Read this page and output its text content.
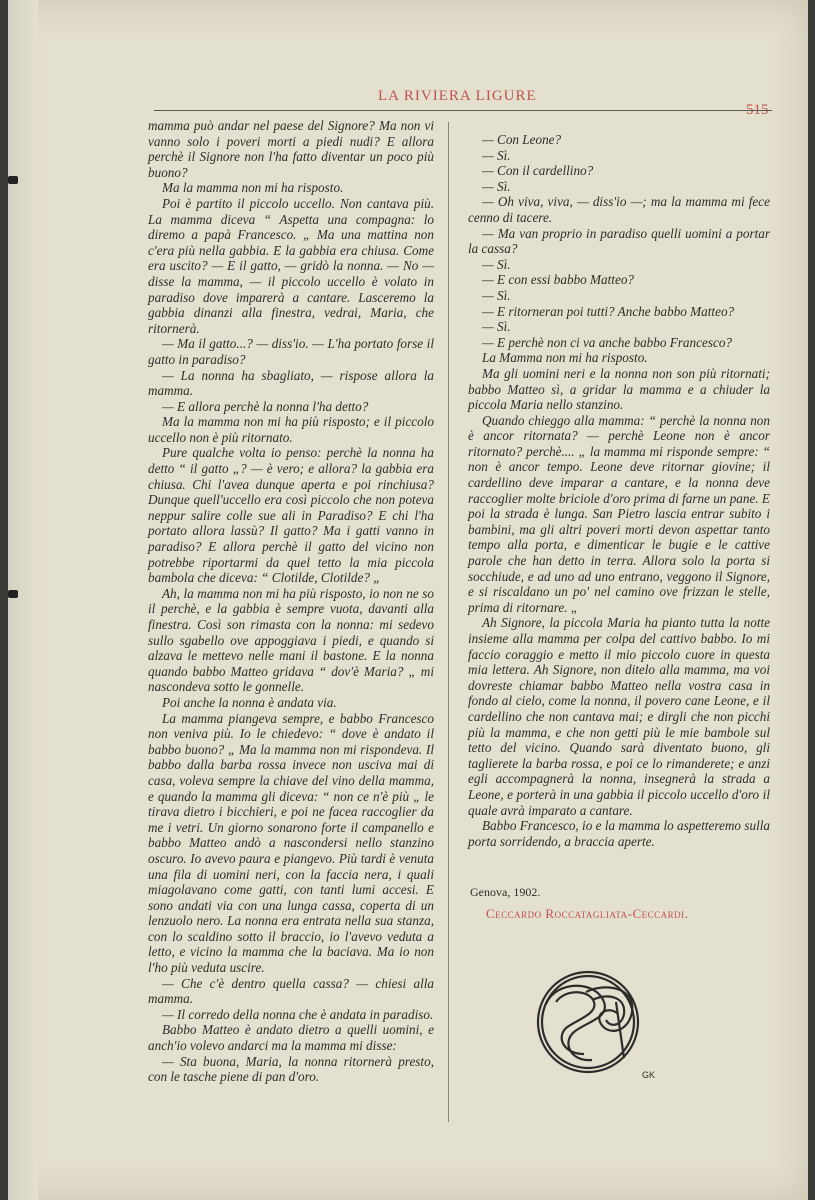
LA RIVIERA LIGURE
515

mamma può andar nel paese del Signore? Ma non vi vanno solo i poveri morti a piedi nudi? E allora perchè il Signore non l'ha fatto diventar un poco più buono?

Ma la mamma non mi ha risposto.

Poi è partito il piccolo uccello. Non cantava più. La mamma diceva “ Aspetta una compagna: lo diremo a papà Francesco. „ Ma una mattina non c'era più nella gabbia. E la gabbia era chiusa. Come era uscito? — E il gatto, — gridò la nonna. — No — disse la mamma, — il piccolo uccello è volato in paradiso dove imparerà a cantare. Lasceremo la gabbia dinanzi alla finestra, vedrai, Maria, che ritornerà.

— Ma il gatto...? — diss'io. — L'ha portato forse il gatto in paradiso?

— La nonna ha sbagliato, — rispose allora la mamma.

— E allora perchè la nonna l'ha detto?

Ma la mamma non mi ha più risposto; e il piccolo uccello non è più ritornato.

Pure qualche volta io penso: perchè la nonna ha detto “ il gatto „? — è vero; e allora? la gabbia era chiusa. Chi l'avea dunque aperta e poi rinchiusa? Dunque quell'uccello era così piccolo che non poteva neppur salire colle sue ali in Paradiso? E chi l'ha portato allora lassù? Il gatto? Ma i gatti vanno in paradiso? E allora perchè il gatto del vicino non potrebbe riportarmi da quel tetto la mia piccola bambola che diceva: “ Clotilde, Clotilde? „

Ah, la mamma non mi ha più risposto, io non ne so il perchè, e la gabbia è sempre vuota, davanti alla finestra. Così son rimasta con la nonna: mi sedevo sullo sgabello ove appoggiava i piedi, e quando si alzava le mettevo nelle mani il bastone. E la nonna quando babbo Matteo gridava “ dov'è Maria? „ mi nascondeva sotto le gonnelle.

Poi anche la nonna è andata via.

La mamma piangeva sempre, e babbo Francesco non veniva più. Io le chiedevo: “ dove è andato il babbo buono? „ Ma la mamma non mi rispondeva. Il babbo dalla barba rossa invece non usciva mai di casa, voleva sempre la chiave del vino della mamma, e quando la mamma gli diceva: “ non ce n'è più „ le tirava dietro i bicchieri, e poi ne facea raccoglier da me i vetri. Un giorno sonarono forte il campanello e babbo Matteo andò a nascondersi nello stanzino oscuro. Io avevo paura e piangevo. Più tardi è venuta una fila di uomini neri, con la faccia nera, i quali miagolavano come gatti, con tanti lumi accesi. E sono andati via con una lunga cassa, coperta di un lenzuolo nero. La nonna era entrata nella sua stanza, con lo scaldino sotto il braccio, io l'avevo veduta a letto, e vicino la mamma che la baciava. Ma io non l'ho più veduta uscire.

— Che c'è dentro quella cassa? — chiesi alla mamma.

— Il corredo della nonna che è andata in paradiso.

Babbo Matteo è andato dietro a quelli uomini, e anch'io volevo andarci ma la mamma mi disse:

— Sta buona, Maria, la nonna ritornerà presto, con le tasche piene di pan d'oro.

— Con Leone?

— Sì.

— Con il cardellino?

— Sì.

— Oh viva, viva, — diss'io —; ma la mamma mi fece cenno di tacere.

— Ma van proprio in paradiso quelli uomini a portar la cassa?

— Sì.

— E con essi babbo Matteo?

— Sì.

— E ritorneran poi tutti? Anche babbo Matteo?

— Sì.

— E perchè non ci va anche babbo Francesco?

La Mamma non mi ha risposto.

Ma gli uomini neri e la nonna non son più ritornati; babbo Matteo sì, a gridar la mamma e a chiuder la piccola Maria nello stanzino.

Quando chieggo alla mamma: “ perchè la nonna non è ancor ritornata? — perchè Leone non è ancor ritornato? perchè.... „ la mamma mi risponde sempre: “ non è ancor tempo. Leone deve ritornar giovine; il cardellino deve imparar a cantare, e la nonna deve raccoglier molte briciole d'oro prima di farne un pane. E poi la strada è lunga. San Pietro lascia entrar subito i bambini, ma gli altri poveri morti devon aspettar tanto tempo alla porta, e dimenticar le bugie e le cattive parole che han detto in terra. Allora solo la porta si socchiude, e ad uno ad uno entrano, veggono il Signore, e si riscaldano un po' nel camino ove frizzan le stelle, prima di ritornare. „

Ah Signore, la piccola Maria ha pianto tutta la notte insieme alla mamma per colpa del cattivo babbo. Io mi faccio coraggio e metto il mio piccolo cuore in questa mia lettera. Ah Signore, non ditelo alla mamma, ma voi dovreste chiamar babbo Matteo nella vostra casa in fondo al cielo, come la nonna, il povero cane Leone, e il cardellino che non cantava mai; e dirgli che non picchi più la mamma, e che non getti più le mie bambole sul tetto del vicino. Quando sarà diventato buono, gli taglierete la barba rossa, e poi ce lo rimanderete; e anzi egli accompagnerà la nonna, insegnerà la strada a Leone, e porterà in una gabbia il piccolo uccello d'oro il quale avrà imparato a cantare.

Babbo Francesco, io e la mamma lo aspetteremo sulla porta sorridendo, a braccia aperte.

Genova, 1902.
Ceccardo Roccatagliata-Ceccardi.
GK
